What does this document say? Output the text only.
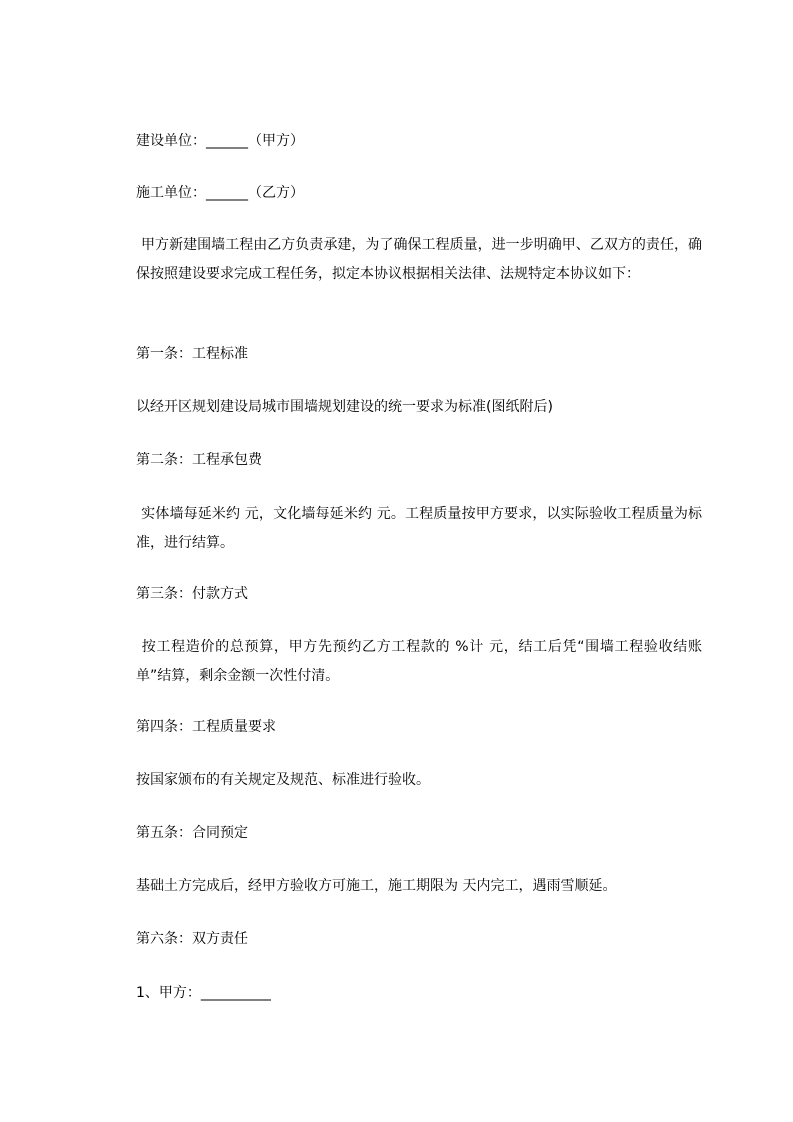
建设单位：______（甲方）
施工单位：______（乙方）
甲方新建围墙工程由乙方负责承建，为了确保工程质量，进一步明确甲、乙双方的责任，确保按照建设要求完成工程任务，拟定本协议根据相关法律、法规特定本协议如下：
第一条：工程标准
以经开区规划建设局城市围墙规划建设的统一要求为标准(图纸附后)
第二条：工程承包费
实体墙每延米约 元，文化墙每延米约 元。工程质量按甲方要求，以实际验收工程质量为标准，进行结算。
第三条：付款方式
按工程造价的总预算，甲方先预约乙方工程款的 %计 元，结工后凭“围墙工程验收结账单”结算，剩余金额一次性付清。
第四条：工程质量要求
按国家颁布的有关规定及规范、标准进行验收。
第五条：合同预定
基础土方完成后，经甲方验收方可施工，施工期限为 天内完工，遇雨雪顺延。
第六条：双方责任
1、甲方：__________
